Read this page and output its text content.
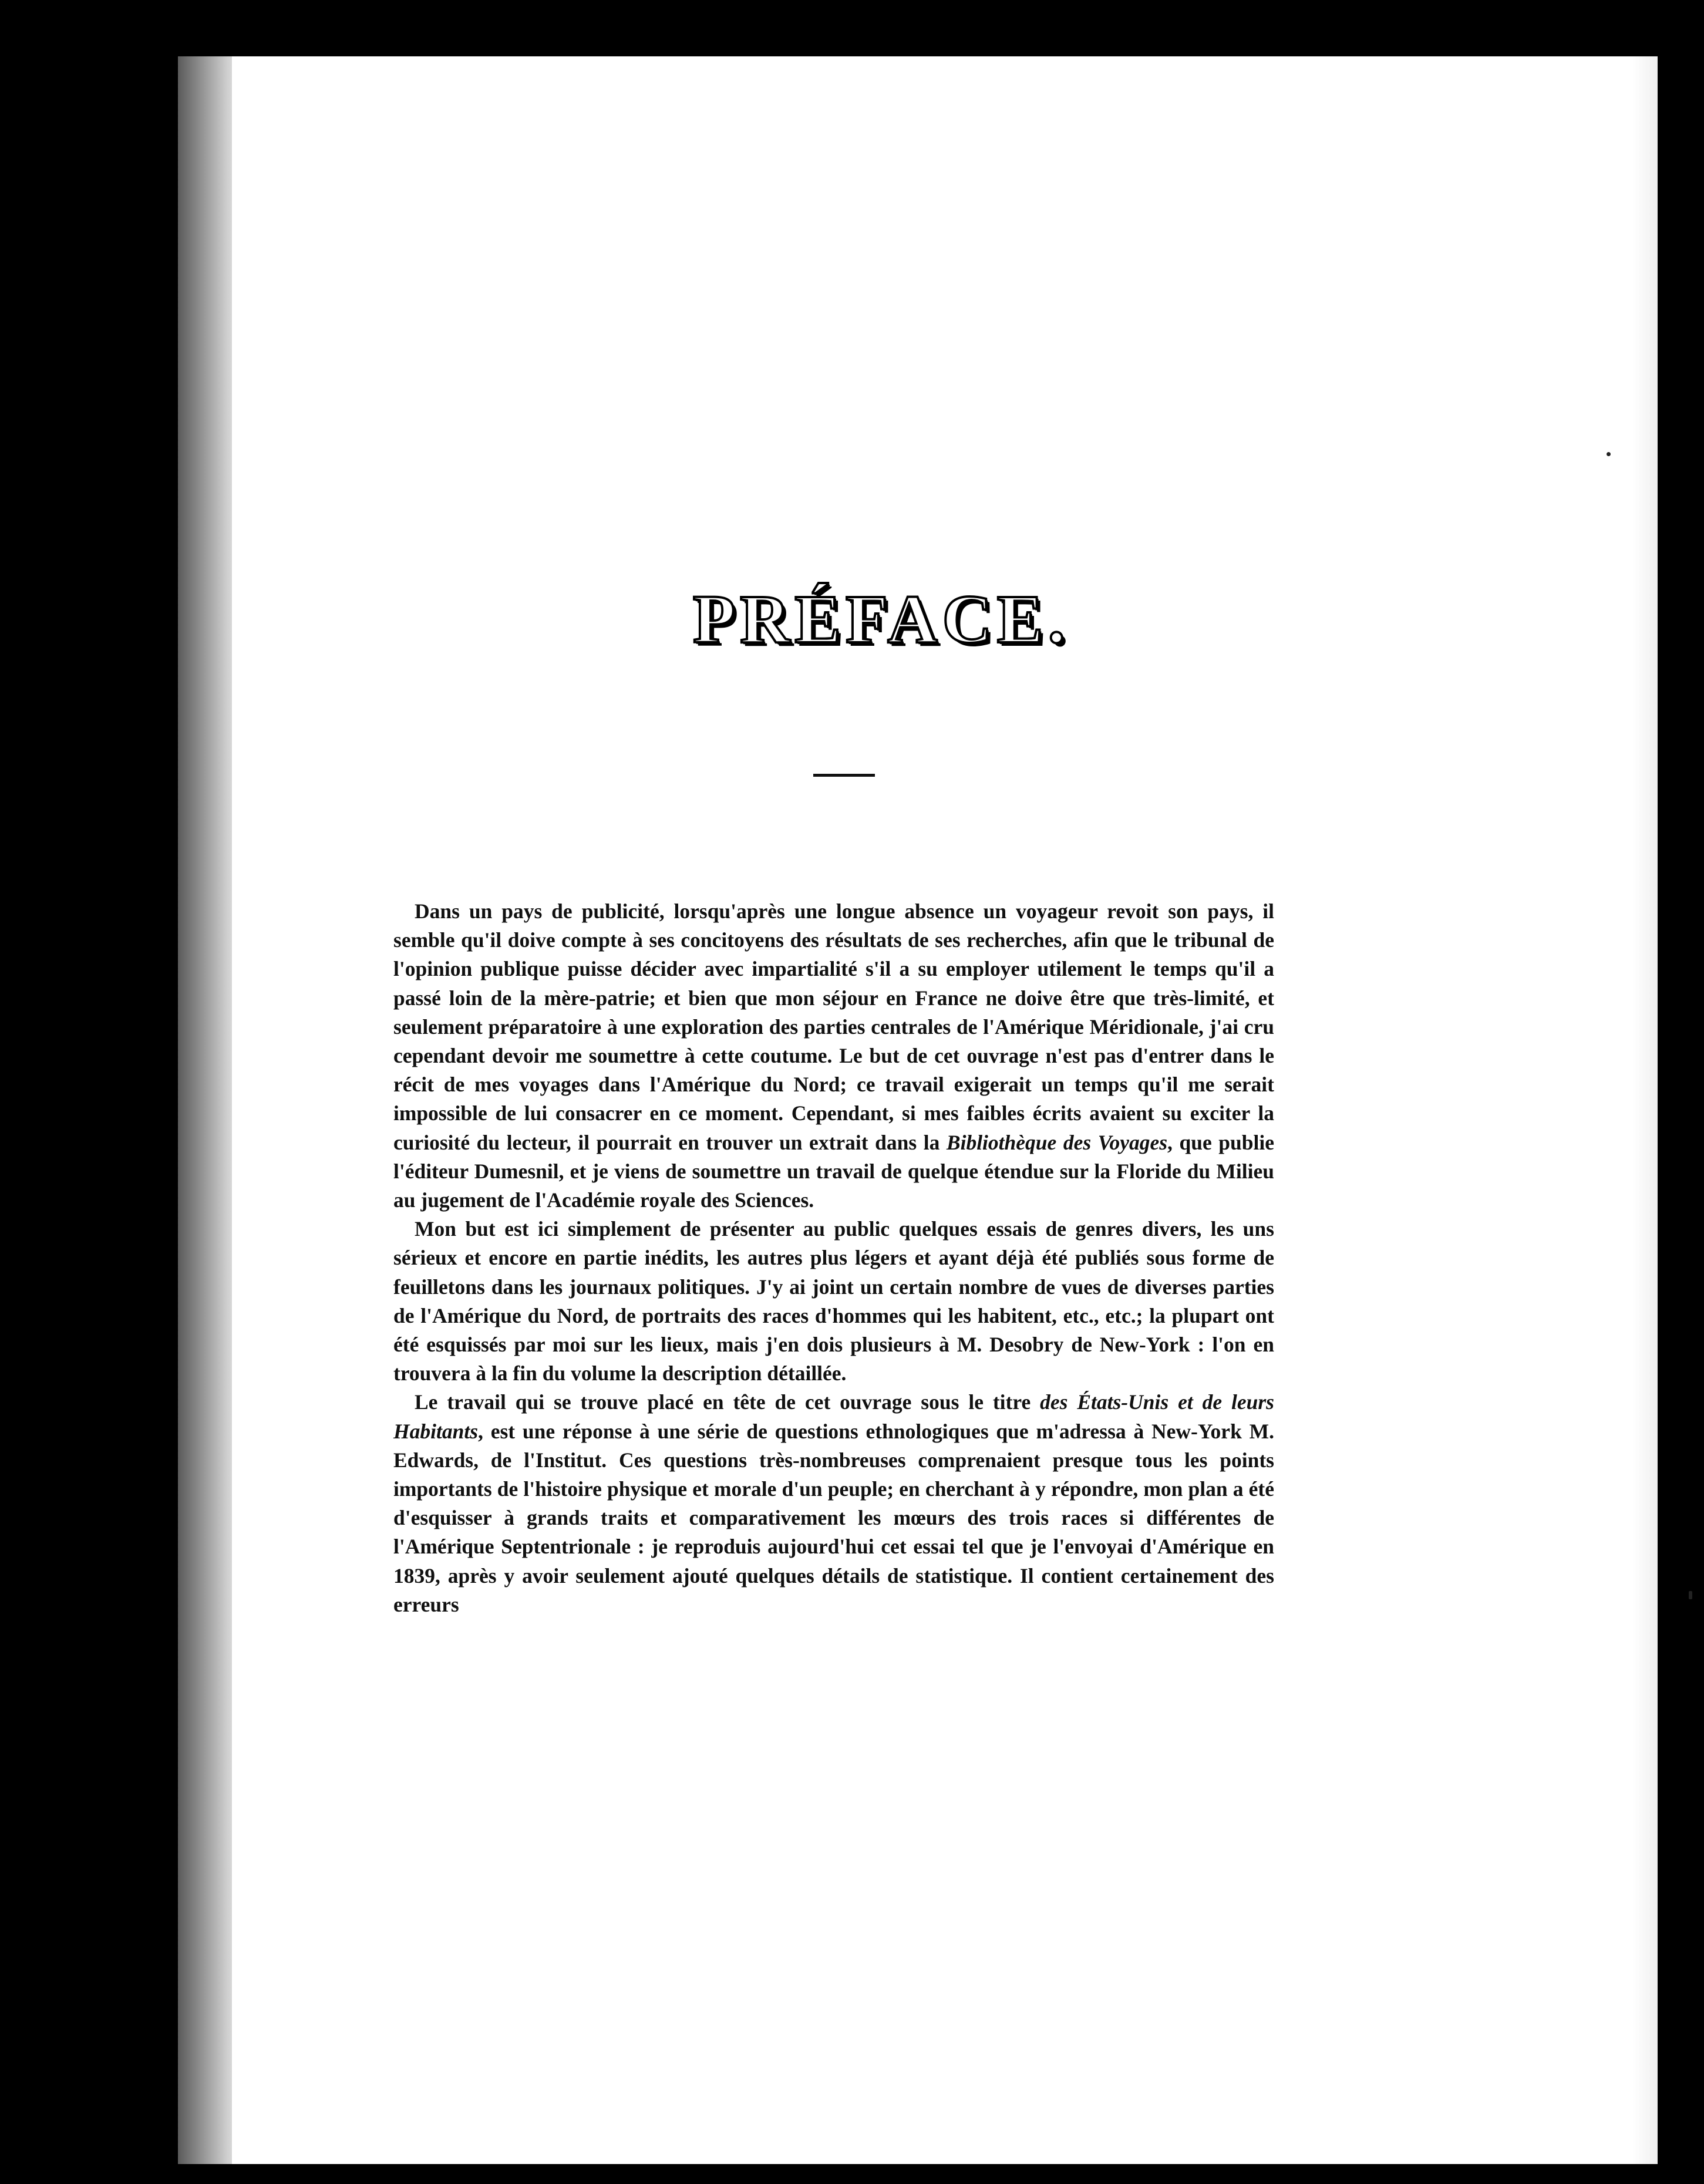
PRÉFACE.

Dans un pays de publicité, lorsqu'après une longue absence un voyageur revoit son pays, il semble qu'il doive compte à ses concitoyens des résultats de ses recherches, afin que le tribunal de l'opinion publique puisse décider avec impartialité s'il a su employer utilement le temps qu'il a passé loin de la mère-patrie; et bien que mon séjour en France ne doive être que très-limité, et seulement préparatoire à une exploration des parties centrales de l'Amérique Méridionale, j'ai cru cependant devoir me soumettre à cette coutume. Le but de cet ouvrage n'est pas d'entrer dans le récit de mes voyages dans l'Amérique du Nord; ce travail exigerait un temps qu'il me serait impossible de lui consacrer en ce moment. Cependant, si mes faibles écrits avaient su exciter la curiosité du lecteur, il pourrait en trouver un extrait dans la Bibliothèque des Voyages, que publie l'éditeur Dumesnil, et je viens de soumettre un travail de quelque étendue sur la Floride du Milieu au jugement de l'Académie royale des Sciences.

Mon but est ici simplement de présenter au public quelques essais de genres divers, les uns sérieux et encore en partie inédits, les autres plus légers et ayant déjà été publiés sous forme de feuilletons dans les journaux politiques. J'y ai joint un certain nombre de vues de diverses parties de l'Amérique du Nord, de portraits des races d'hommes qui les habitent, etc., etc.; la plupart ont été esquissés par moi sur les lieux, mais j'en dois plusieurs à M. Desobry de New-York : l'on en trouvera à la fin du volume la description détaillée.

Le travail qui se trouve placé en tête de cet ouvrage sous le titre des États-Unis et de leurs Habitants, est une réponse à une série de questions ethnologiques que m'adressa à New-York M. Edwards, de l'Institut. Ces questions très-nombreuses comprenaient presque tous les points importants de l'histoire physique et morale d'un peuple; en cherchant à y répondre, mon plan a été d'esquisser à grands traits et comparativement les mœurs des trois races si différentes de l'Amérique Septentrionale : je reproduis aujourd'hui cet essai tel que je l'envoyai d'Amérique en 1839, après y avoir seulement ajouté quelques détails de statistique. Il contient certainement des erreurs
